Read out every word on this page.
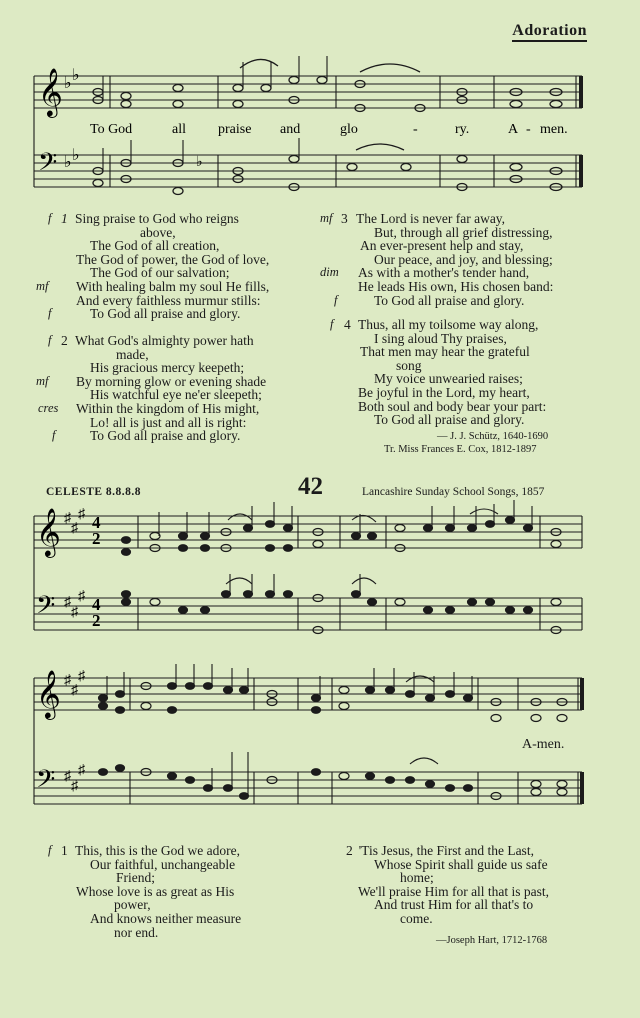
Adoration
𝄞
𝄢
♭ ♭
♭ ♭	♭
To God	all praise and	glo	-	ry.	A - men.
f 1 Sing praise to God who reigns
above,
The God of all creation,
The God of power, the God of love,
The God of our salvation;
mf With healing balm my soul He fills,
And every faithless murmur stills:
f	To God all praise and glory.
f 2 What God's almighty power hath
made,
His gracious mercy keepeth;
mf By morning glow or evening shade
His watchful eye ne'er sleepeth;
cres Within the kingdom of His might,
Lo! all is just and all is right:
f	To God all praise and glory.
mf 3 The Lord is never far away,
But, through all grief distressing,
An ever-present help and stay,
Our peace, and joy, and blessing;
dim As with a mother's tender hand,
He leads His own, His chosen band:
f	To God all praise and glory.
f 4 Thus, all my toilsome way along,
I sing aloud Thy praises,
That men may hear the grateful
song
My voice unwearied raises;
Be joyful in the Lord, my heart,
Both soul and body bear your part:
To God all praise and glory.
— J. J. Schütz, 1640-1690
Tr. Miss Frances E. Cox, 1812-1897
CELESTE 8.8.8.8	42	Lancashire Sunday School Songs, 1857
𝄞
𝄢
♯
♯
♯
♯
♯
♯
4
2
4
2
𝄞
𝄢
♯
♯
♯
♯
♯
♯
A-men.
f 1 This, this is the God we adore,
Our faithful, unchangeable
Friend;
Whose love is as great as His
power,
And knows neither measure
nor end.
2 'Tis Jesus, the First and the Last,
Whose Spirit shall guide us safe
home;
We'll praise Him for all that is past,
And trust Him for all that's to
come.
—Joseph Hart, 1712-1768
